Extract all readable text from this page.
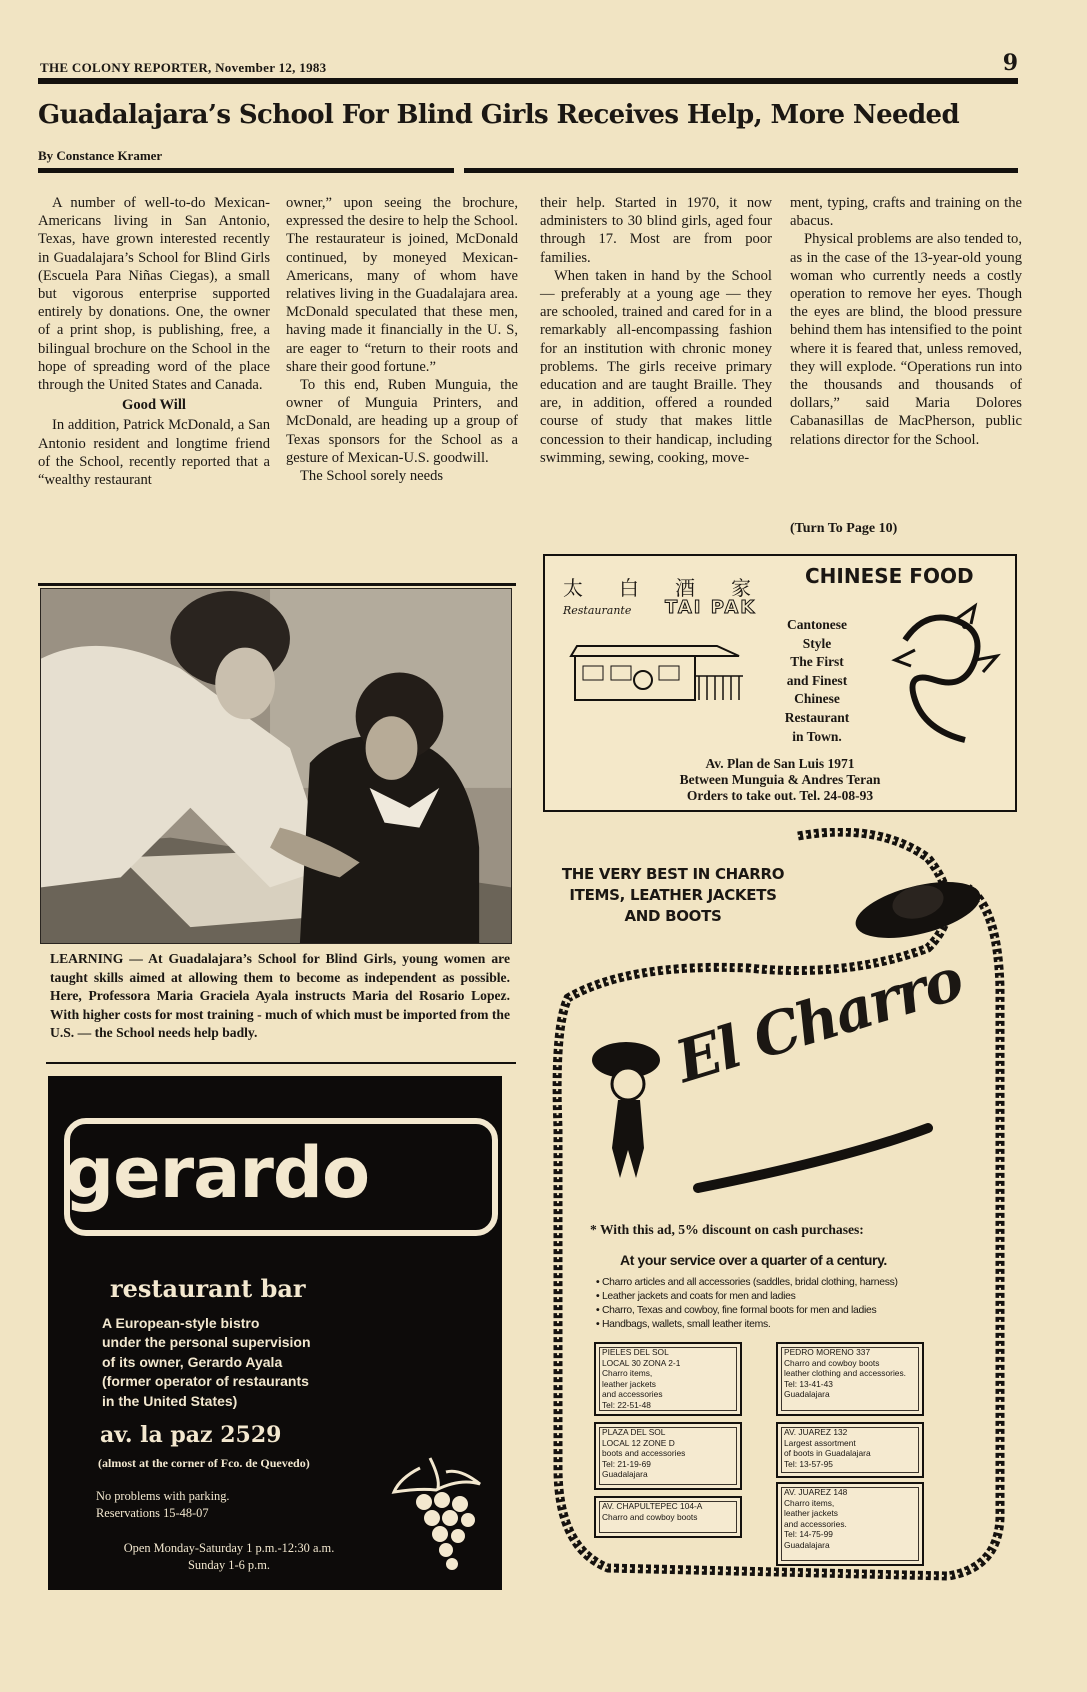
THE COLONY REPORTER, November 12, 1983	9
Guadalajara’s School For Blind Girls Receives Help, More Needed
By Constance Kramer

A number of well-to-do Mexican-Americans living in San Antonio, Texas, have grown interested recently in Guadalajara’s School for Blind Girls (Escuela Para Niñas Ciegas), a small but vigorous enterprise supported entirely by donations. One, the owner of a print shop, is publishing, free, a bilingual brochure on the School in the hope of spreading word of the place through the United States and Canada.

Good Will

In addition, Patrick McDonald, a San Antonio resident and longtime friend of the School, recently reported that a “wealthy restaurant

owner,” upon seeing the brochure, expressed the desire to help the School. The restaurateur is joined, McDonald continued, by moneyed Mexican-Americans, many of whom have relatives living in the Guadalajara area. McDonald speculated that these men, having made it financially in the U. S, are eager to “return to their roots and share their good fortune.”

To this end, Ruben Munguia, the owner of Munguia Printers, and McDonald, are heading up a group of Texas sponsors for the School as a gesture of Mexican-U.S. goodwill.

The School sorely needs

their help. Started in 1970, it now administers to 30 blind girls, aged four through 17. Most are from poor families.

When taken in hand by the School — preferably at a young age — they are schooled, trained and cared for in a remarkably all-encompassing fashion for an institution with chronic money problems. The girls receive primary education and are taught Braille. They are, in addition, offered a rounded course of study that makes little concession to their handicap, including swimming, sewing, cooking, move-

ment, typing, crafts and training on the abacus.

Physical problems are also tended to, as in the case of the 13-year-old young woman who currently needs a costly operation to remove her eyes. Though the eyes are blind, the blood pressure behind them has intensified to the point where it is feared that, unless removed, they will explode. “Operations run into the thousands and thousands of dollars,” said Maria Dolores Cabanasillas de MacPherson, public relations director for the School.

(Turn To Page 10)
LEARNING — At Guadalajara’s School for Blind Girls, young women are taught skills aimed at allowing them to become as independent as possible. Here, Professora Maria Graciela Ayala instructs Maria del Rosario Lopez. With higher costs for most training - much of which must be imported from the U.S. — the School needs help badly.
太白酒家
Restaurante TAI PAK
CHINESE FOOD
Cantonese
Style
The First
and Finest
Chinese
Restaurant
in Town.
Av. Plan de San Luis 1971
Between Munguia & Andres Teran
Orders to take out. Tel. 24-08-93
THE VERY BEST IN CHARRO ITEMS, LEATHER JACKETS AND BOOTS
El Charro
* With this ad, 5% discount on cash purchases:
At your service over a quarter of a century.
• Charro articles and all accessories (saddles, bridal clothing, harness)
• Leather jackets and coats for men and ladies
• Charro, Texas and cowboy, fine formal boots for men and ladies
• Handbags, wallets, small leather items.
PIELES DEL SOL
LOCAL 30 ZONA 2-1
Charro items,
leather jackets
and accessories
Tel: 22-51-48
PLAZA DEL SOL
LOCAL 12 ZONE D
boots and accessories
Tel: 21-19-69
Guadalajara
AV. CHAPULTEPEC 104-A
Charro and cowboy boots
PEDRO MORENO 337
Charro and cowboy boots
leather clothing and accessories.
Tel: 13-41-43
Guadalajara
AV. JUAREZ 132
Largest assortment
of boots in Guadalajara
Tel: 13-57-95
AV. JUAREZ 148
Charro items,
leather jackets
and accessories.
Tel: 14-75-99
Guadalajara
gerardo
restaurant bar
A European-style bistro
under the personal supervision
of its owner, Gerardo Ayala
(former operator of restaurants
in the United States)
av. la paz 2529
(almost at the corner of Fco. de Quevedo)
No problems with parking.
Reservations 15-48-07
Open Monday-Saturday 1 p.m.-12:30 a.m.
Sunday 1-6 p.m.
